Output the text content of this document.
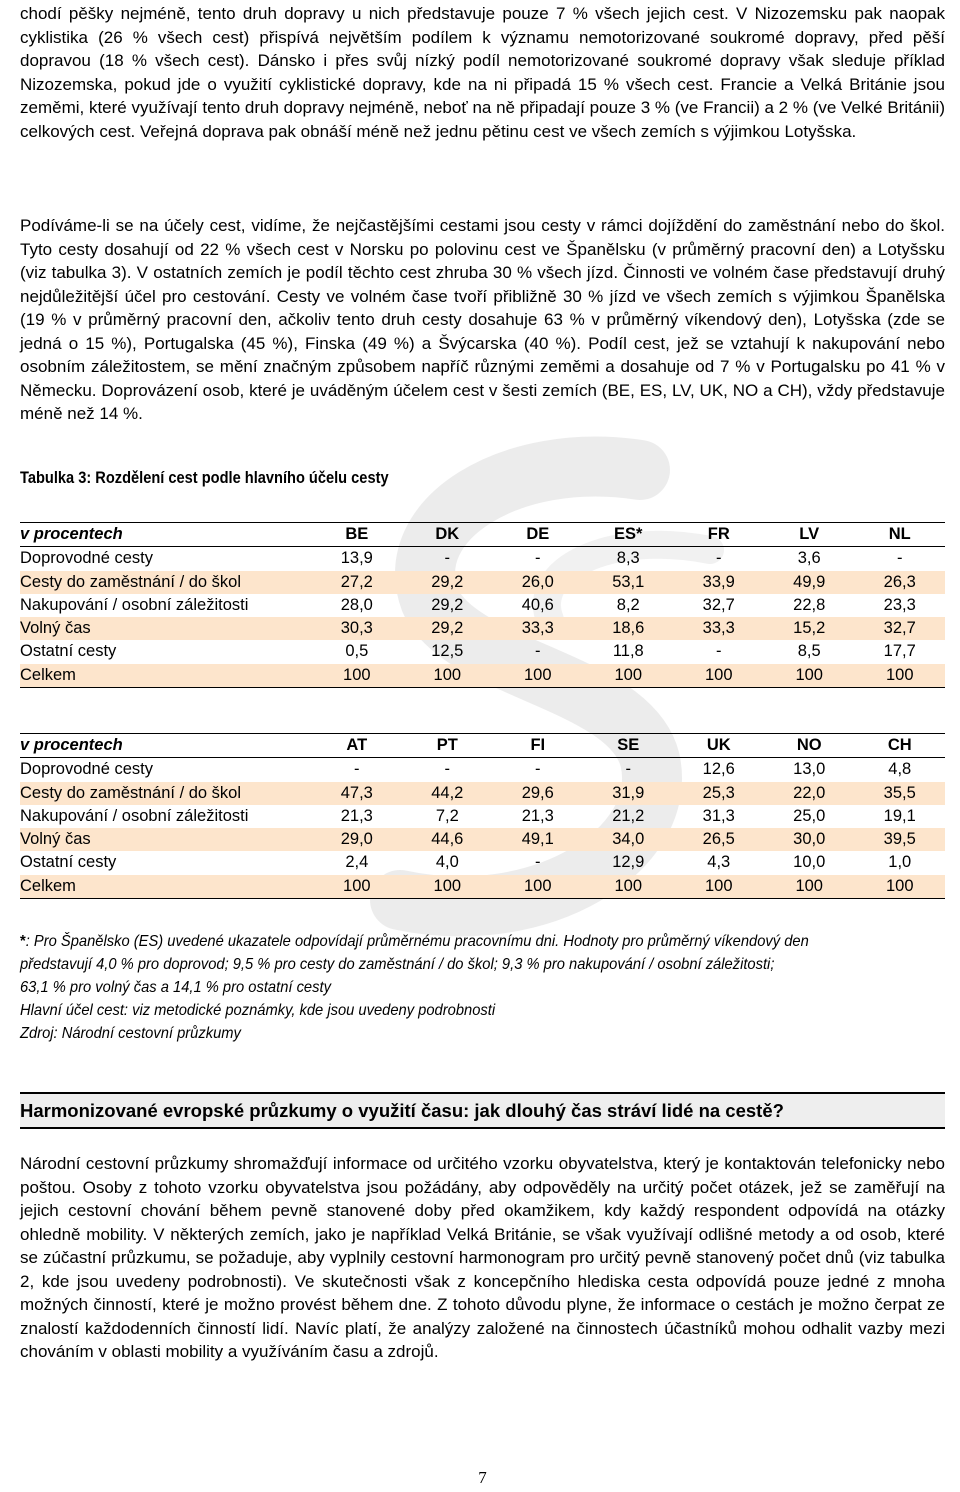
chodí pěšky nejméně, tento druh dopravy u nich představuje pouze 7 % všech jejich cest. V Nizozemsku pak naopak cyklistika (26 % všech cest) přispívá největším podílem k významu nemotorizované soukromé dopravy, před pěší dopravou (18 % všech cest). Dánsko i přes svůj nízký podíl nemotorizované soukromé dopravy však sleduje příklad Nizozemska, pokud jde o využití cyklistické dopravy, kde na ni připadá 15 % všech cest. Francie a Velká Británie jsou zeměmi, které využívají tento druh dopravy nejméně, neboť na ně připadají pouze 3 % (ve Francii) a 2 % (ve Velké Británii) celkových cest. Veřejná doprava pak obnáší méně než jednu pětinu cest ve všech zemích s výjimkou Lotyšska.

Podíváme-li se na účely cest, vidíme, že nejčastějšími cestami jsou cesty v rámci dojíždění do zaměstnání nebo do škol. Tyto cesty dosahují od 22 % všech cest v Norsku po polovinu cest ve Španělsku (v průměrný pracovní den) a Lotyšsku (viz tabulka 3). V ostatních zemích je podíl těchto cest zhruba 30 % všech jízd. Činnosti ve volném čase představují druhý nejdůležitější účel pro cestování. Cesty ve volném čase tvoří přibližně 30 % jízd ve všech zemích s výjimkou Španělska (19 % v průměrný pracovní den, ačkoliv tento druh cesty dosahuje 63 % v průměrný víkendový den), Lotyšska (zde se jedná o 15 %), Portugalska (45 %), Finska (49 %) a Švýcarska (40 %). Podíl cest, jež se vztahují k nakupování nebo osobním záležitostem, se mění značným způsobem napříč různými zeměmi a dosahuje od 7 % v Portugalsku po 41 % v Německu. Doprovázení osob, které je uváděným účelem cest v šesti zemích (BE, ES, LV, UK, NO a CH), vždy představuje méně než 14 %.

Tabulka 3: Rozdělení cest podle hlavního účelu cesty
v procentech	BE	DK	DE	ES*	FR	LV	NL
Doprovodné cesty	13,9	-	-	8,3	-	3,6	-
Cesty do zaměstnání / do škol	27,2	29,2	26,0	53,1	33,9	49,9	26,3
Nakupování / osobní záležitosti	28,0	29,2	40,6	8,2	32,7	22,8	23,3
Volný čas	30,3	29,2	33,3	18,6	33,3	15,2	32,7
Ostatní cesty	0,5	12,5	-	11,8	-	8,5	17,7
Celkem	100	100	100	100	100	100	100
v procentech	AT	PT	FI	SE	UK	NO	CH
Doprovodné cesty	-	-	-	-	12,6	13,0	4,8
Cesty do zaměstnání / do škol	47,3	44,2	29,6	31,9	25,3	22,0	35,5
Nakupování / osobní záležitosti	21,3	7,2	21,3	21,2	31,3	25,0	19,1
Volný čas	29,0	44,6	49,1	34,0	26,5	30,0	39,5
Ostatní cesty	2,4	4,0	-	12,9	4,3	10,0	1,0
Celkem	100	100	100	100	100	100	100
*: Pro Španělsko (ES) uvedené ukazatele odpovídají průměrnému pracovnímu dni. Hodnoty pro průměrný víkendový den
představují 4,0 % pro doprovod; 9,5 % pro cesty do zaměstnání / do škol; 9,3 % pro nakupování / osobní záležitosti;
63,1 % pro volný čas a 14,1 % pro ostatní cesty
Hlavní účel cest: viz metodické poznámky, kde jsou uvedeny podrobnosti
Zdroj: Národní cestovní průzkumy
Harmonizované evropské průzkumy o využití času: jak dlouhý čas stráví lidé na cestě?

Národní cestovní průzkumy shromažďují informace od určitého vzorku obyvatelstva, který je kontaktován telefonicky nebo poštou. Osoby z tohoto vzorku obyvatelstva jsou požádány, aby odpověděly na určitý počet otázek, jež se zaměřují na jejich cestovní chování během pevně stanovené doby před okamžikem, kdy každý respondent odpovídá na otázky ohledně mobility. V některých zemích, jako je například Velká Británie, se však využívají odlišné metody a od osob, které se zúčastní průzkumu, se požaduje, aby vyplnily cestovní harmonogram pro určitý pevně stanovený počet dnů (viz tabulka 2, kde jsou uvedeny podrobnosti). Ve skutečnosti však z koncepčního hlediska cesta odpovídá pouze jedné z mnoha možných činností, které je možno provést během dne. Z tohoto důvodu plyne, že informace o cestách je možno čerpat ze znalostí každodenních činností lidí. Navíc platí, že analýzy založené na činnostech účastníků mohou odhalit vazby mezi chováním v oblasti mobility a využíváním času a zdrojů.

7
